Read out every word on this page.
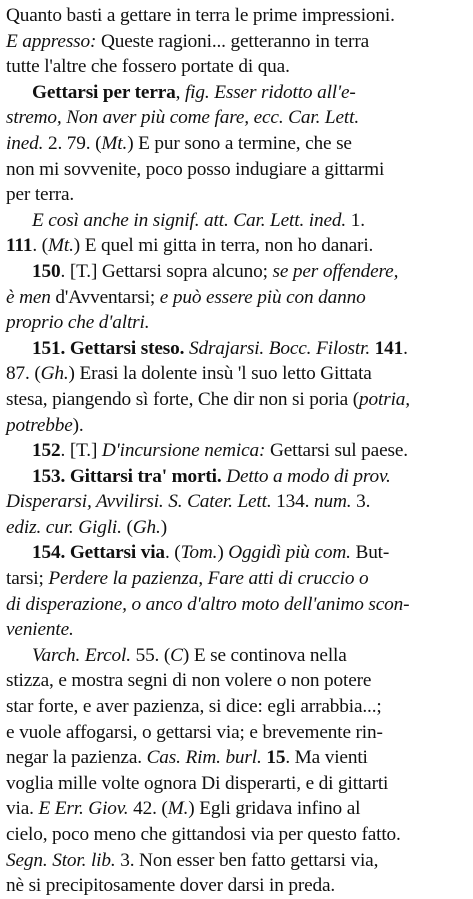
Quanto basti a gettare in terra le prime impressioni.
E appresso: Queste ragioni... getteranno in terra
tutte l'altre che fossero portate di qua.
Gettarsi per terra, fig. Esser ridotto all'e-
stremo, Non aver più come fare, ecc. Car. Lett.
ined. 2. 79. (Mt.) E pur sono a termine, che se
non mi sovvenite, poco posso indugiare a gittarmi
per terra.
E così anche in signif. att. Car. Lett. ined. 1.
111. (Mt.) E quel mi gitta in terra, non ho danari.
150. [T.] Gettarsi sopra alcuno; se per offendere,
è men d'Avventarsi; e può essere più con danno
proprio che d'altri.
151. Gettarsi steso. Sdrajarsi. Bocc. Filostr. 141.
87. (Gh.) Erasi la dolente insù 'l suo letto Gittata
stesa, piangendo sì forte, Che dir non si poria (potria,
potrebbe).
152. [T.] D'incursione nemica: Gettarsi sul paese.
153. Gittarsi tra' morti. Detto a modo di prov.
Disperarsi, Avvilirsi. S. Cater. Lett. 134. num. 3.
ediz. cur. Gigli. (Gh.)
154. Gettarsi via. (Tom.) Oggidì più com. But-
tarsi; Perdere la pazienza, Fare atti di cruccio o
di disperazione, o anco d'altro moto dell'animo scon-
veniente.
Varch. Ercol. 55. (C) E se continova nella
stizza, e mostra segni di non volere o non potere
star forte, e aver pazienza, si dice: egli arrabbia...;
e vuole affogarsi, o gettarsi via; e brevemente rin-
negar la pazienza. Cas. Rim. burl. 15. Ma vienti
voglia mille volte ognora Di disperarti, e di gittarti
via. E Err. Giov. 42. (M.) Egli gridava infino al
cielo, poco meno che gittandosi via per questo fatto.
Segn. Stor. lib. 3. Non esser ben fatto gettarsi via,
nè si precipitosamente dover darsi in preda.
